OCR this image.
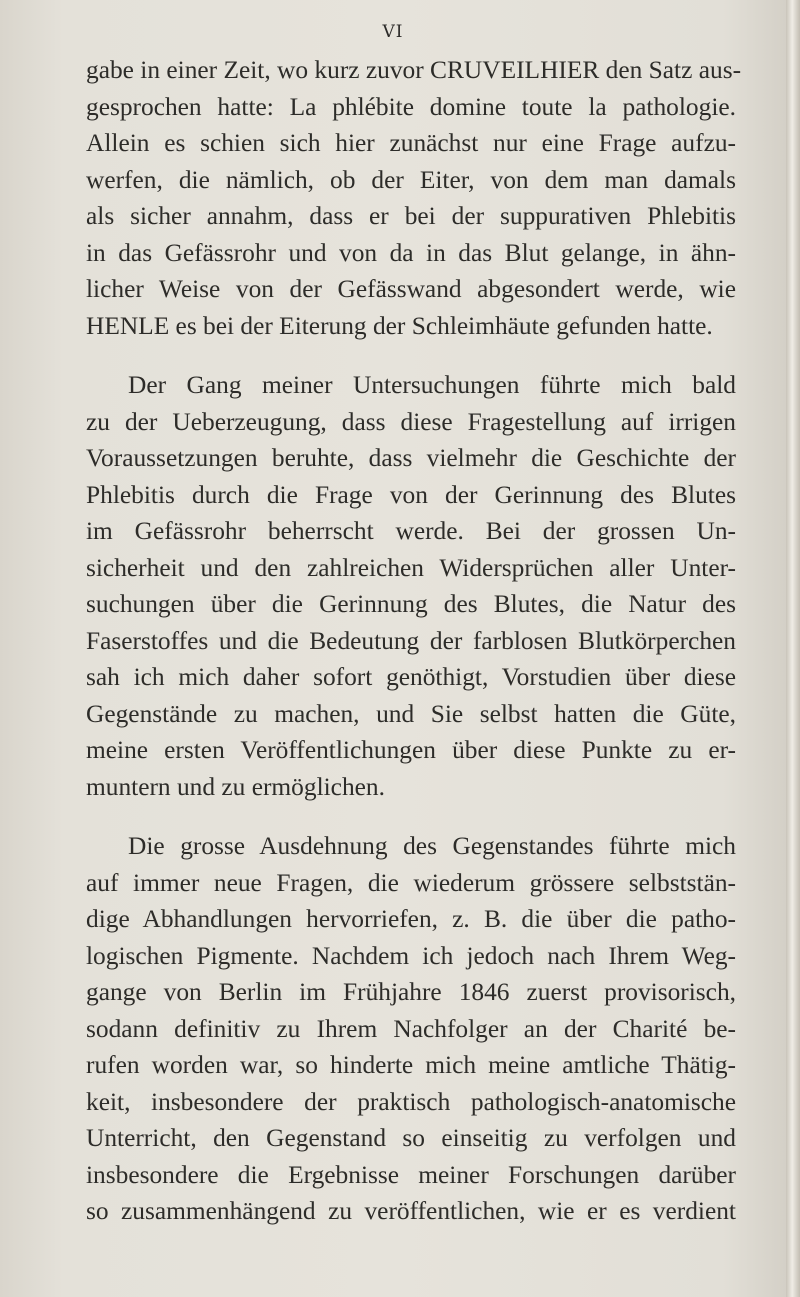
VI
gabe in einer Zeit, wo kurz zuvor CRUVEILHIER den Satz aus-
gesprochen hatte: La phlébite domine toute la pathologie.
Allein es schien sich hier zunächst nur eine Frage aufzu-
werfen, die nämlich, ob der Eiter, von dem man damals
als sicher annahm, dass er bei der suppurativen Phlebitis
in das Gefässrohr und von da in das Blut gelange, in ähn-
licher Weise von der Gefässwand abgesondert werde, wie
HENLE es bei der Eiterung der Schleimhäute gefunden hatte.
Der Gang meiner Untersuchungen führte mich bald
zu der Ueberzeugung, dass diese Fragestellung auf irrigen
Voraussetzungen beruhte, dass vielmehr die Geschichte der
Phlebitis durch die Frage von der Gerinnung des Blutes
im Gefässrohr beherrscht werde. Bei der grossen Un-
sicherheit und den zahlreichen Widersprüchen aller Unter-
suchungen über die Gerinnung des Blutes, die Natur des
Faserstoffes und die Bedeutung der farblosen Blutkörperchen
sah ich mich daher sofort genöthigt, Vorstudien über diese
Gegenstände zu machen, und Sie selbst hatten die Güte,
meine ersten Veröffentlichungen über diese Punkte zu er-
muntern und zu ermöglichen.
Die grosse Ausdehnung des Gegenstandes führte mich
auf immer neue Fragen, die wiederum grössere selbststän-
dige Abhandlungen hervorriefen, z. B. die über die patho-
logischen Pigmente. Nachdem ich jedoch nach Ihrem Weg-
gange von Berlin im Frühjahre 1846 zuerst provisorisch,
sodann definitiv zu Ihrem Nachfolger an der Charité be-
rufen worden war, so hinderte mich meine amtliche Thätig-
keit, insbesondere der praktisch pathologisch-anatomische
Unterricht, den Gegenstand so einseitig zu verfolgen und
insbesondere die Ergebnisse meiner Forschungen darüber
so zusammenhängend zu veröffentlichen, wie er es verdient
